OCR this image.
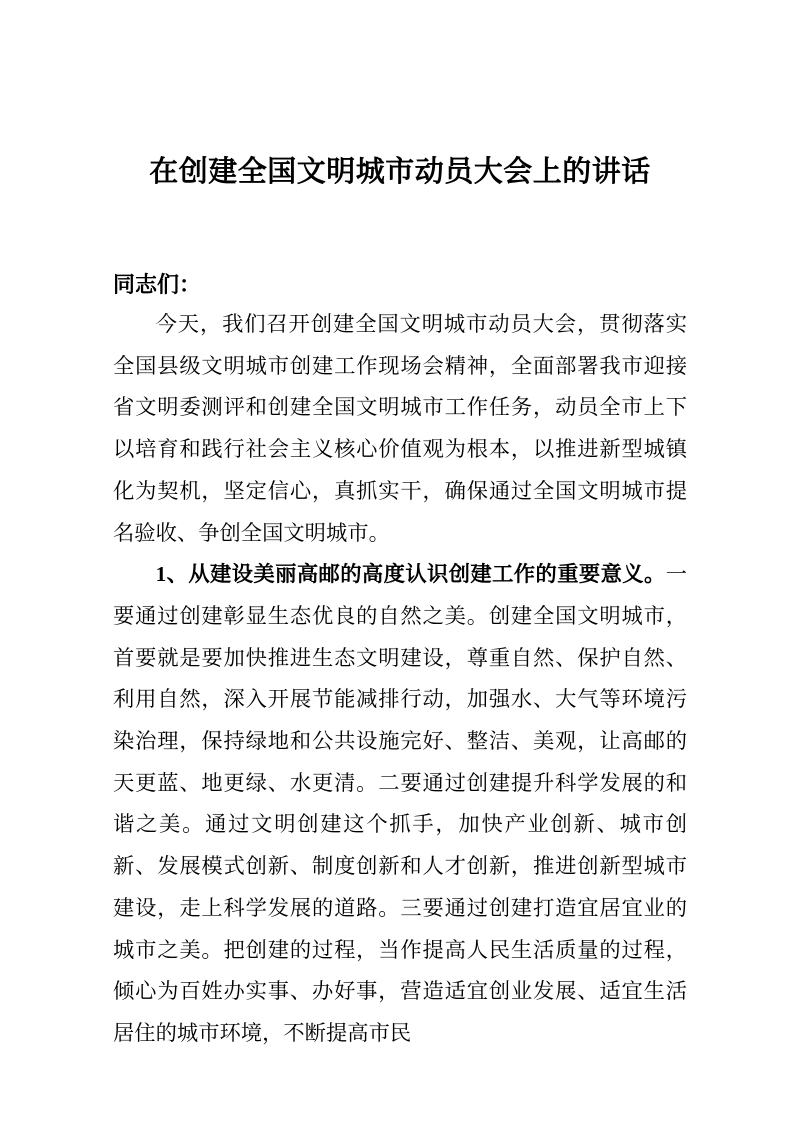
在创建全国文明城市动员大会上的讲话

同志们：

今天，我们召开创建全国文明城市动员大会，贯彻落实全国县级文明城市创建工作现场会精神，全面部署我市迎接省文明委测评和创建全国文明城市工作任务，动员全市上下以培育和践行社会主义核心价值观为根本，以推进新型城镇化为契机，坚定信心，真抓实干，确保通过全国文明城市提名验收、争创全国文明城市。

1、从建设美丽高邮的高度认识创建工作的重要意义。一要通过创建彰显生态优良的自然之美。创建全国文明城市，首要就是要加快推进生态文明建设，尊重自然、保护自然、利用自然，深入开展节能减排行动，加强水、大气等环境污染治理，保持绿地和公共设施完好、整洁、美观，让高邮的天更蓝、地更绿、水更清。二要通过创建提升科学发展的和谐之美。通过文明创建这个抓手，加快产业创新、城市创新、发展模式创新、制度创新和人才创新，推进创新型城市建设，走上科学发展的道路。三要通过创建打造宜居宜业的城市之美。把创建的过程，当作提高人民生活质量的过程，倾心为百姓办实事、办好事，营造适宜创业发展、适宜生活居住的城市环境，不断提高市民
